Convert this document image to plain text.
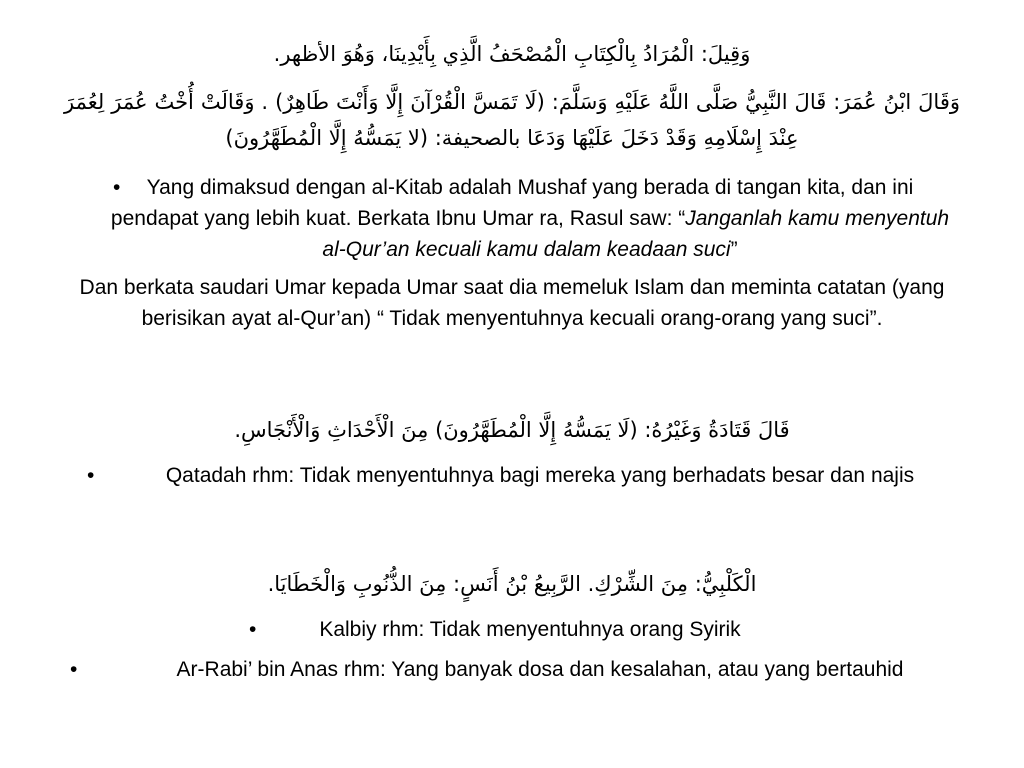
وَقِيلَ: الْمُرَادُ بِالْكِتَابِ الْمُصْحَفُ الَّذِي بِأَيْدِينَا، وَهُوَ الأظهر.
وَقَالَ ابْنُ عُمَرَ: قَالَ النَّبِيُّ صَلَّى اللَّهُ عَلَيْهِ وَسَلَّمَ: (لَا تَمَسَّ الْقُرْآنَ إِلَّا وَأَنْتَ طَاهِرٌ) . وَقَالَتْ أُخْتُ عُمَرَ لِعُمَرَ عِنْدَ إِسْلَامِهِ وَقَدْ دَخَلَ عَلَيْهَا وَدَعَا بالصحيفة: (لا يَمَسُّهُ إِلَّا الْمُطَهَّرُونَ)
•	Yang dimaksud dengan al-Kitab adalah Mushaf yang berada di tangan kita, dan ini pendapat yang lebih kuat. Berkata Ibnu Umar ra, Rasul saw: “Janganlah kamu menyentuh al-Qur’an kecuali kamu dalam keadaan suci”
Dan berkata saudari Umar kepada Umar saat dia memeluk Islam dan meminta catatan (yang berisikan ayat al-Qur’an) “ Tidak menyentuhnya kecuali orang-orang yang suci”.
قَالَ قَتَادَةُ وَغَيْرُهُ: (لَا يَمَسُّهُ إِلَّا الْمُطَهَّرُونَ) مِنَ الْأَحْدَاثِ وَالْأَنْجَاسِ.
•	Qatadah rhm: Tidak menyentuhnya bagi mereka yang berhadats besar dan najis
الْكَلْبِيُّ: مِنَ الشِّرْكِ. الرَّبِيعُ بْنُ أَنَسٍ: مِنَ الذُّنُوبِ وَالْخَطَايَا.
•	Kalbiy rhm: Tidak menyentuhnya orang Syirik
•	Ar-Rabi’ bin Anas rhm: Yang banyak dosa dan kesalahan, atau yang bertauhid
